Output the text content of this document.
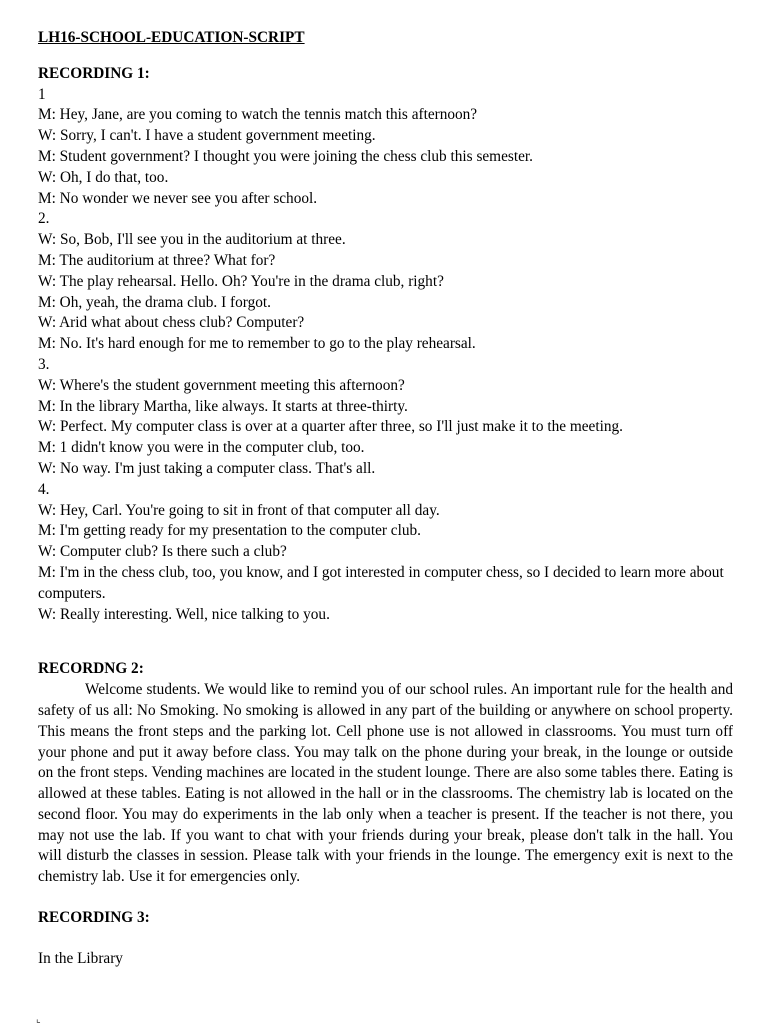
LH16-SCHOOL-EDUCATION-SCRIPT

RECORDING 1:

1

M: Hey, Jane, are you coming to watch the tennis match this afternoon?

W: Sorry, I can't. I have a student government meeting.

M: Student government? I thought you were joining the chess club this semester.

W: Oh, I do that, too.

M: No wonder we never see you after school.

2.

W: So, Bob, I'll see you in the auditorium at three.

M: The auditorium at three? What for?

W: The play rehearsal. Hello. Oh? You're in the drama club, right?

M: Oh, yeah, the drama club. I forgot.

W: Arid what about chess club? Computer?

M: No. It's hard enough for me to remember to go to the play rehearsal.

3.

W: Where's the student government meeting this afternoon?

M: In the library Martha, like always. It starts at three-thirty.

W: Perfect. My computer class is over at a quarter after three, so I'll just make it to the meeting.

M: 1 didn't know you were in the computer club, too.

W: No way. I'm just taking a computer class. That's all.

4.

W: Hey, Carl. You're going to sit in front of that computer all day.

M: I'm getting ready for my presentation to the computer club.

W: Computer club? Is there such a club?

M: I'm in the chess club, too, you know, and I got interested in computer chess, so I decided to learn more about computers.

W: Really interesting. Well, nice talking to you.

RECORDNG 2:

Welcome students. We would like to remind you of our school rules. An important rule for the health and safety of us all: No Smoking. No smoking is allowed in any part of the building or anywhere on school property. This means the front steps and the parking lot. Cell phone use is not allowed in classrooms. You must turn off your phone and put it away before class. You may talk on the phone during your break, in the lounge or outside on the front steps. Vending machines are located in the student lounge. There are also some tables there. Eating is allowed at these tables. Eating is not allowed in the hall or in the classrooms. The chemistry lab is located on the second floor. You may do experiments in the lab only when a teacher is present. If the teacher is not there, you may not use the lab. If you want to chat with your friends during your break, please don't talk in the hall. You will disturb the classes in session. Please talk with your friends in the lounge. The emergency exit is next to the chemistry lab. Use it for emergencies only.

RECORDING 3:

In the Library

⌞
